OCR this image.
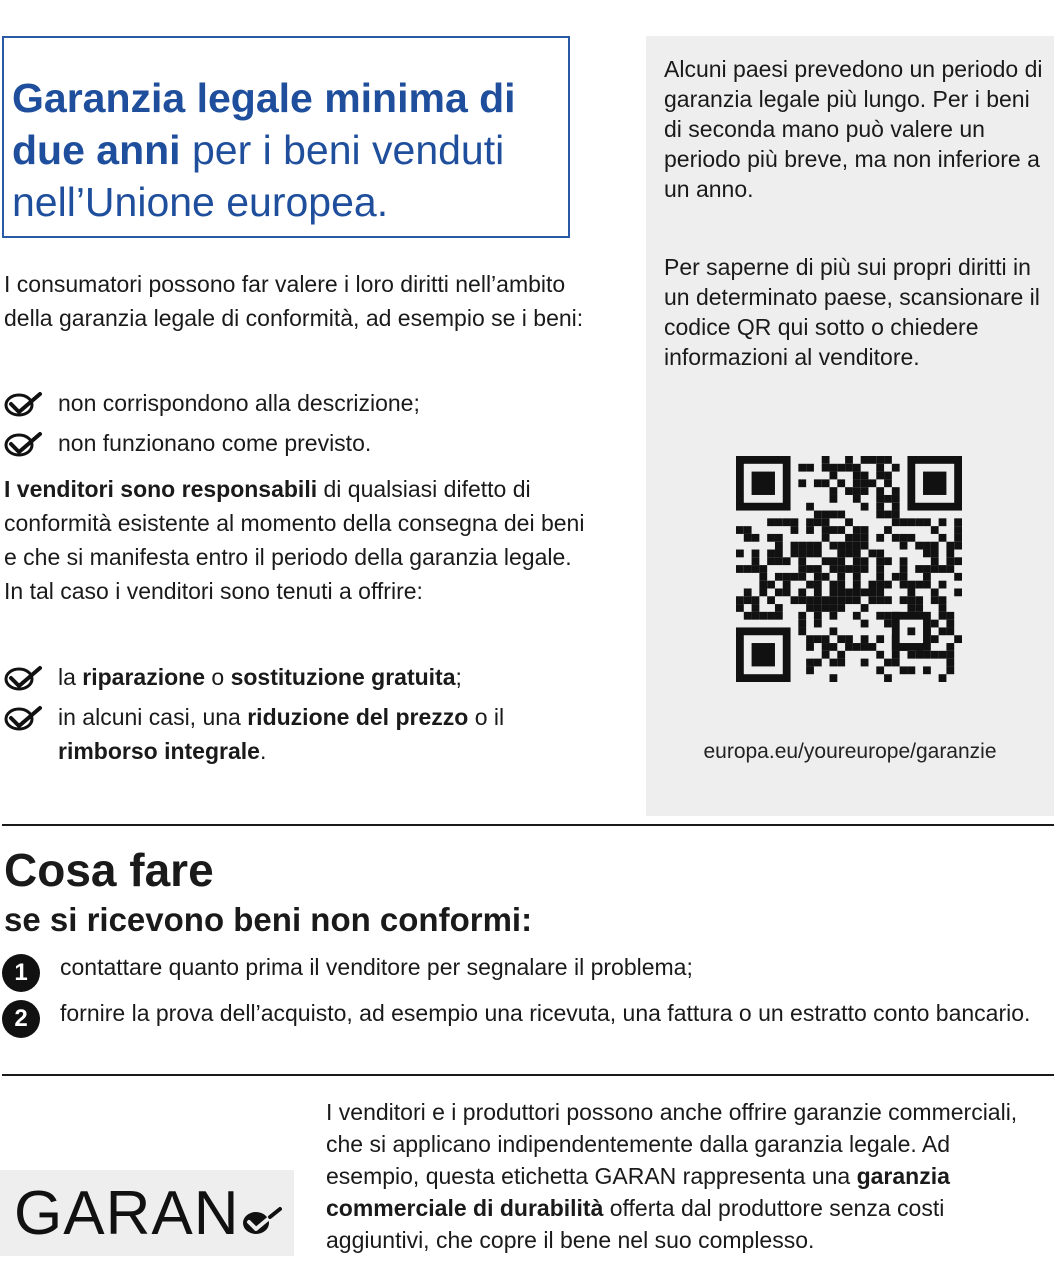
Garanzia legale minima di due anni per i beni venduti nell’Unione europea.

I consumatori possono far valere i loro diritti nell’ambito della garanzia legale di conformità, ad esempio se i beni:

non corrispondono alla descrizione;
non funzionano come previsto.

I venditori sono responsabili di qualsiasi difetto di conformità esistente al momento della consegna dei beni e che si manifesta entro il periodo della garanzia legale. In tal caso i venditori sono tenuti a offrire:

la riparazione o sostituzione gratuita;
in alcuni casi, una riduzione del prezzo o il rimborso integrale.

Alcuni paesi prevedono un periodo di garanzia legale più lungo. Per i beni di seconda mano può valere un periodo più breve, ma non inferiore a un anno.

Per saperne di più sui propri diritti in un determinato paese, scansionare il codice QR qui sotto o chiedere informazioni al venditore.

europa.eu/youreurope/garanzie
Cosa fare
se si ricevono beni non conformi:
1	contattare quanto prima il venditore per segnalare il problema;
2	fornire la prova dell’acquisto, ad esempio una ricevuta, una fattura o un estratto conto bancario.
GARAN

I venditori e i produttori possono anche offrire garanzie commerciali, che si applicano indipendentemente dalla garanzia legale. Ad esempio, questa etichetta GARAN rappresenta una garanzia commerciale di durabilità offerta dal produttore senza costi aggiuntivi, che copre il bene nel suo complesso.
